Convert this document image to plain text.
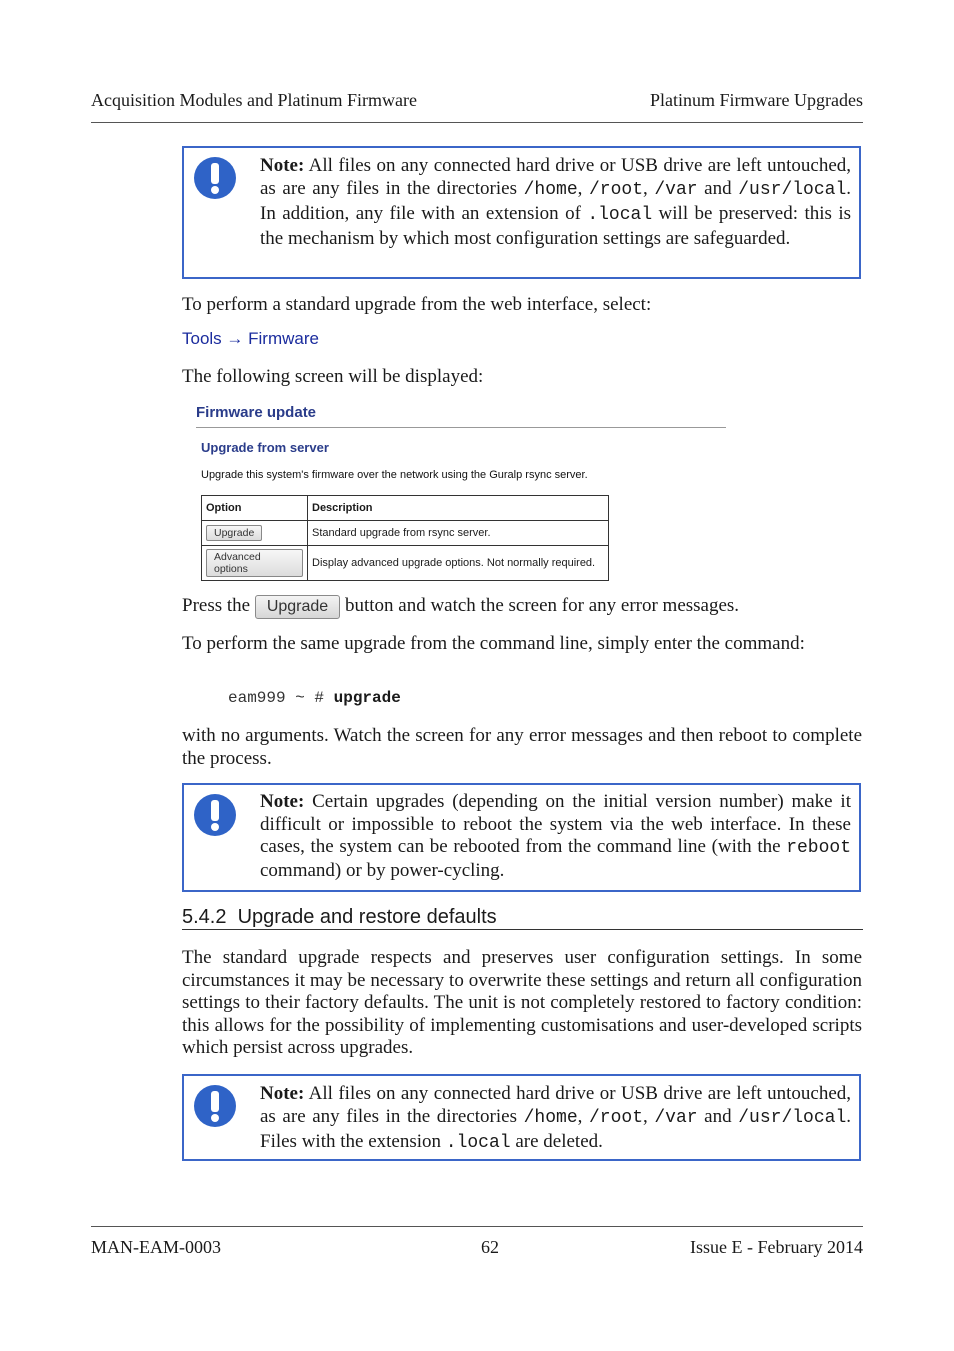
Acquisition Modules and Platinum Firmware	Platinum Firmware Upgrades
Note: All files on any connected hard drive or USB drive are left untouched, as are any files in the directories /home, /root, /var and /usr/local. In addition, any file with an extension of .local will be preserved: this is the mechanism by which most configuration settings are safeguarded.

To perform a standard upgrade from the web interface, select:

Tools → Firmware

The following screen will be displayed:

Firmware update
Upgrade from server
Upgrade this system's firmware over the network using the Guralp rsync server.
Option	Description
Upgrade	Standard upgrade from rsync server.
Advanced options	Display advanced upgrade options. Not normally required.

Press the Upgrade button and watch the screen for any error messages.

To perform the same upgrade from the command line, simply enter the command:

eam999 ~ # upgrade

with no arguments. Watch the screen for any error messages and then reboot to complete the process.

Note: Certain upgrades (depending on the initial version number) make it difficult or impossible to reboot the system via the web interface. In these cases, the system can be rebooted from the command line (with the reboot command) or by power-cycling.
5.4.2 Upgrade and restore defaults

The standard upgrade respects and preserves user configuration settings. In some circumstances it may be necessary to overwrite these settings and return all configuration settings to their factory defaults. The unit is not completely restored to factory condition: this allows for the possibility of implementing customisations and user-developed scripts which persist across upgrades.

Note: All files on any connected hard drive or USB drive are left untouched, as are any files in the directories /home, /root, /var and /usr/local. Files with the extension .local are deleted.
MAN-EAM-0003	62	Issue E - February 2014
